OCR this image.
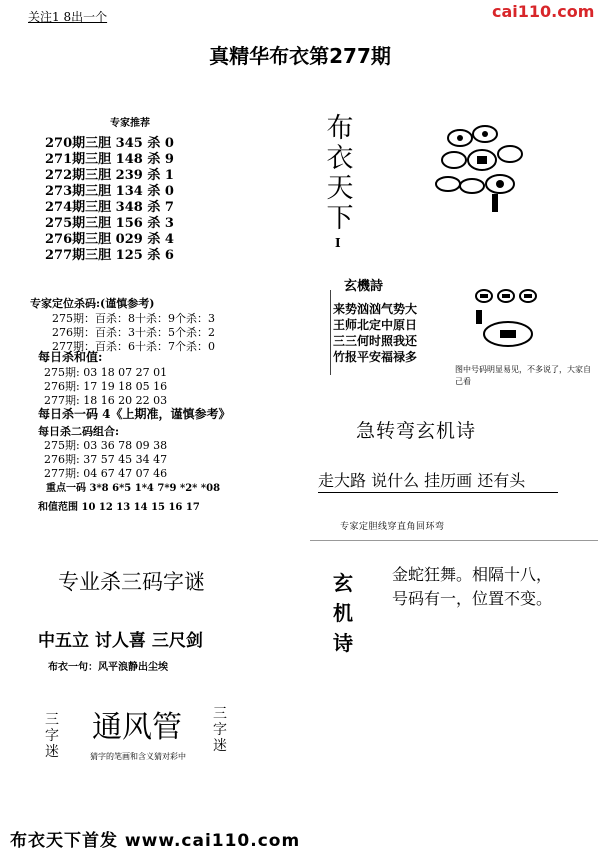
关注1 8出一个	cai110.com
真精华布衣第277期
专家推荐
270期三胆 345 杀 0
271期三胆 148 杀 9
272期三胆 239 杀 1
273期三胆 134 杀 0
274期三胆 348 杀 7
275期三胆 156 杀 3
276期三胆 029 杀 4
277期三胆 125 杀 6
专家定位杀码:(谨慎参考)
275期：百杀：8十杀：9个杀：3
276期：百杀：3十杀：5个杀：2
277期：百杀：6十杀：7个杀：0
每日杀和值:
275期: 03 18 07 27 01
276期: 17 19 18 05 16
277期: 18 16 20 22 03
每日杀一码 4《上期准，谨慎参考》
每日杀二码组合:
275期: 03 36 78 09 38
276期: 37 57 45 34 47
277期: 04 67 47 07 46
重点一码 3*8 6*5 1*4 7*9 *2* *08
和值范围 10 12 13 14 15 16 17
专业杀三码字谜
中五立 讨人喜 三尺剑
布衣一句：风平浪静出尘埃
三字迷
通风管 三字迷
猜字的笔画和含义猜对彩中
布衣天下
I
玄機詩
来势汹汹气势大
王师北定中原日
三三何时照我还
竹报平安福禄多
图中号码明显易见，不多说了，大家自己看
急转弯玄机诗
走大路 说什么 挂历画 还有头
专家定胆线穿直角回环弯
玄机诗
金蛇狂舞。相隔十八，
号码有一，位置不变。
布衣天下首发 www.cai110.com
